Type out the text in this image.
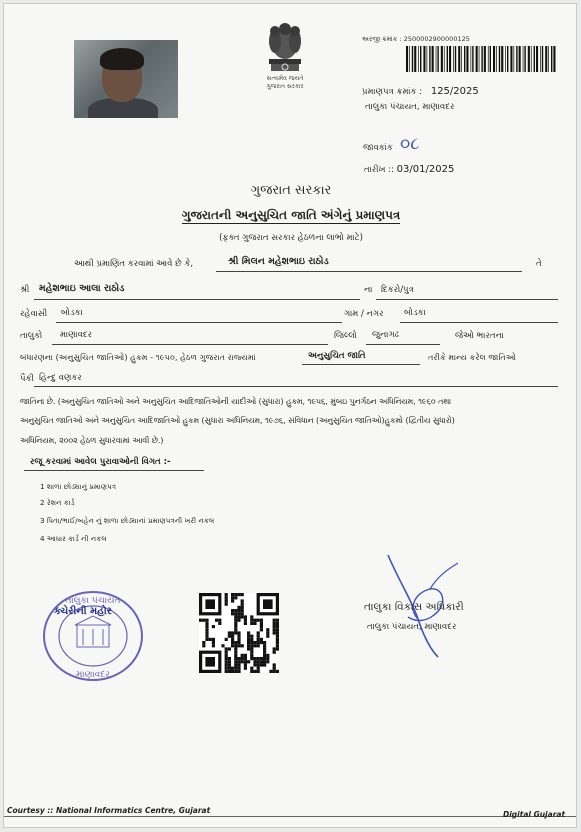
સત્યમેવ જયતે
ગુજરાત સરકાર
અરજી ક્રમાંક : 2500002900000125
પ્રમાણપત્ર ક્રમાંક : 125/2025
તાલુકા પંચાયત, માણાવદર
જાવકાંક ૦૮
તારીખ :: 03/01/2025
ગુજરાત સરકાર
ગુજરાતની અનુસુચિત જાતિ અંગેનું પ્રમાણપત્ર
(ફક્ત ગુજરાત સરકાર હેઠળના લાભો માટે)
આથી પ્રમાણિત કરવામાં આવે છે કે,	શ્રી મિલન મહેશભાઇ રાઠોડ	તે
શ્રી મહેશભાઇ આલા રાઠોડ	ના દિકરો/પુત્ર
રહેવાસી બોડકા	ગામ / નગર બોડકા
તાલુકો માણાવદર	જિલ્લો જુનાગઢ	જેઓ ભારતના
બંધારણના (અનુસુચિત જાતિઓ) હુકમ - ૧૯૫૦, હેઠળ ગુજરાત રાજ્યમાં	અનુસુચિત જાતિ	તરીકે માન્ય કરેલ જાતિઓ
પૈકી હિન્દુ વણકર
જાતિના છે. (અનુસુચિત જાતિઓ અને અનુસુચિત આદિજાતિઓની યાદીઓ (સુધારા) હુકમ, ૧૯૫૬, મુંબઇ પુનર્ગઠન અધિનિયમ, ૧૯૬૦ તથા
અનુસુચિત જાતિઓ અને અનુસુચિત આદિજાતિઓ હુકમ (સુધારા અધિનિયમ, ૧૯૭૬, સંવિધાન (અનુસુચિત જાતિઓ)હુકમો (દ્વિતીય સુધારો)
અધિનિયમ, ૨૦૦૨ હેઠળ સુધારવામાં આવી છે.)
રજૂ કરવામાં આવેલ પુરાવાઓની વિગત :-
1 શાળા છોડ્યાનું પ્રમાણપત્ર
2 રેશન કાર્ડ
3 પિતા/ભાઈ/બહેન નું શાળા છોડ્યાનાં પ્રમાણપત્રની ખરી નકલ
4 આધાર કાર્ડ ની નકલ
તાલુકા પંચાયત
માણાવદર
ક્ચેરીની મહોર	તાલુકા વિકાસ અધિકારી
તાલુકા પંચાયત, માણાવદર
Courtesy :: National Informatics Centre, Gujarat	Digital Gujarat
